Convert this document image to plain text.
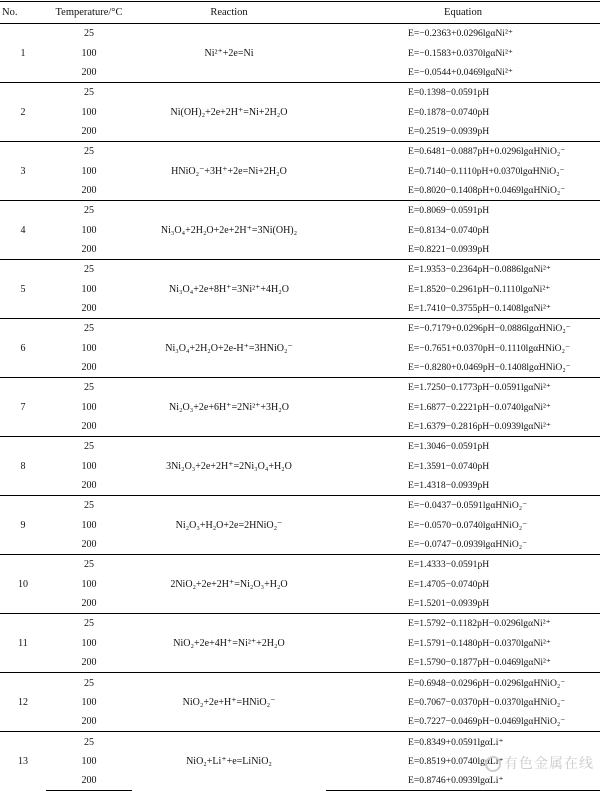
No.	Temperature/°C	Reaction	Equation
1	25	Ni²⁺+2e=Ni	E=−0.2363+0.0296lgαNi²⁺
	100		E=−0.1583+0.0370lgαNi²⁺
	200		E=−0.0544+0.0469lgαNi²⁺
2	25	Ni(OH)₂+2e+2H⁺=Ni+2H₂O	E=0.1398−0.0591pH
	100		E=0.1878−0.0740pH
	200		E=0.2519−0.0939pH
3	25	HNiO₂⁻+3H⁺+2e=Ni+2H₂O	E=0.6481−0.0887pH+0.0296lgαHNiO₂⁻
	100		E=0.7140−0.1110pH+0.0370lgαHNiO₂⁻
	200		E=0.8020−0.1408pH+0.0469lgαHNiO₂⁻
4	25	Ni₃O₄+2H₂O+2e+2H⁺=3Ni(OH)₂	E=0.8069−0.0591pH
	100		E=0.8134−0.0740pH
	200		E=0.8221−0.0939pH
5	25	Ni₃O₄+2e+8H⁺=3Ni²⁺+4H₂O	E=1.9353−0.2364pH−0.0886lgαNi²⁺
	100		E=1.8520−0.2961pH−0.1110lgαNi²⁺
	200		E=1.7410−0.3755pH−0.1408lgαNi²⁺
6	25	Ni₃O₄+2H₂O+2e-H⁺=3HNiO₂⁻	E=−0.7179+0.0296pH−0.0886lgαHNiO₂⁻
	100		E=−0.7651+0.0370pH−0.1110lgαHNiO₂⁻
	200		E=−0.8280+0.0469pH−0.1408lgαHNiO₂⁻
7	25	Ni₂O₃+2e+6H⁺=2Ni²⁺+3H₂O	E=1.7250−0.1773pH−0.0591lgαNi²⁺
	100		E=1.6877−0.2221pH−0.0740lgαNi²⁺
	200		E=1.6379−0.2816pH−0.0939lgαNi²⁺
8	25	3Ni₂O₃+2e+2H⁺=2Ni₃O₄+H₂O	E=1.3046−0.0591pH
	100		E=1.3591−0.0740pH
	200		E=1.4318−0.0939pH
9	25	Ni₂O₃+H₂O+2e=2HNiO₂⁻	E=−0.0437−0.0591lgαHNiO₂⁻
	100		E=−0.0570−0.0740lgαHNiO₂⁻
	200		E=−0.0747−0.0939lgαHNiO₂⁻
10	25	2NiO₂+2e+2H⁺=Ni₂O₃+H₂O	E=1.4333−0.0591pH
	100		E=1.4705−0.0740pH
	200		E=1.5201−0.0939pH
11	25	NiO₂+2e+4H⁺=Ni²⁺+2H₂O	E=1.5792−0.1182pH−0.0296lgαNi²⁺
	100		E=1.5791−0.1480pH−0.0370lgαNi²⁺
	200		E=1.5790−0.1877pH−0.0469lgαNi²⁺
12	25	NiO₂+2e+H⁺=HNiO₂⁻	E=0.6948−0.0296pH−0.0296lgαHNiO₂⁻
	100		E=0.7067−0.0370pH−0.0370lgαHNiO₂⁻
	200		E=0.7227−0.0469pH−0.0469lgαHNiO₂⁻
13	25	NiO₂+Li⁺+e=LiNiO₂	E=0.8349+0.0591lgαLi⁺
	100		E=0.8519+0.0740lgαLi⁺
	200		E=0.8746+0.0939lgαLi⁺
有色金属在线
